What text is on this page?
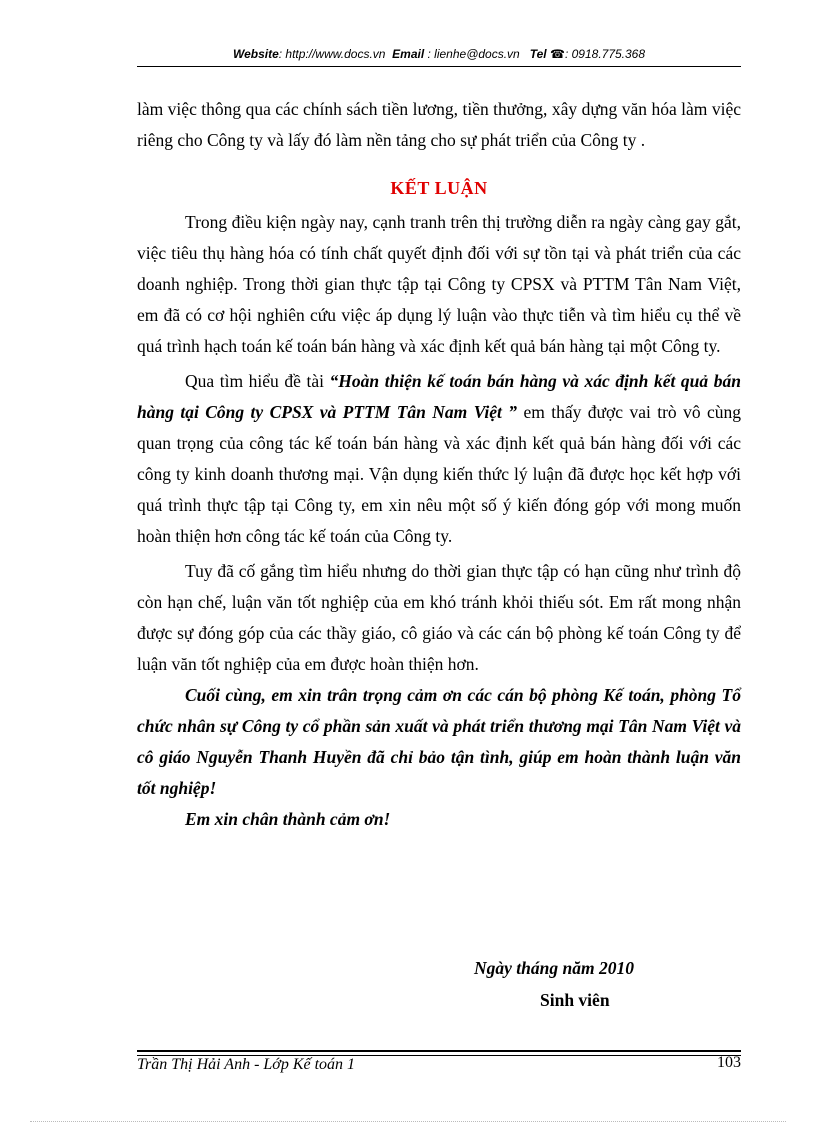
Website: http://www.docs.vn Email : lienhe@docs.vn Tel ☎: 0918.775.368

làm việc thông qua các chính sách tiền lương, tiền thưởng, xây dựng văn hóa làm việc riêng cho Công ty và lấy đó làm nền tảng cho sự phát triển của Công ty .

KẾT LUẬN

Trong điều kiện ngày nay, cạnh tranh trên thị trường diễn ra ngày càng gay gắt, việc tiêu thụ hàng hóa có tính chất quyết định đối với sự tồn tại và phát triển của các doanh nghiệp. Trong thời gian thực tập tại Công ty CPSX và PTTM Tân Nam Việt, em đã có cơ hội nghiên cứu việc áp dụng lý luận vào thực tiễn và tìm hiểu cụ thể về quá trình hạch toán kế toán bán hàng và xác định kết quả bán hàng tại một Công ty.

Qua tìm hiểu đề tài “Hoàn thiện kế toán bán hàng và xác định kết quả bán hàng tại Công ty CPSX và PTTM Tân Nam Việt ” em thấy được vai trò vô cùng quan trọng của công tác kế toán bán hàng và xác định kết quả bán hàng đối với các công ty kinh doanh thương mại. Vận dụng kiến thức lý luận đã được học kết hợp với quá trình thực tập tại Công ty, em xin nêu một số ý kiến đóng góp với mong muốn hoàn thiện hơn công tác kế toán của Công ty.

Tuy đã cố gắng tìm hiểu nhưng do thời gian thực tập có hạn cũng như trình độ còn hạn chế, luận văn tốt nghiệp của em khó tránh khỏi thiếu sót. Em rất mong nhận được sự đóng góp của các thầy giáo, cô giáo và các cán bộ phòng kế toán Công ty để luận văn tốt nghiệp của em được hoàn thiện hơn.

Cuối cùng, em xin trân trọng cảm ơn các cán bộ phòng Kế toán, phòng Tổ chức nhân sự Công ty cổ phần sản xuất và phát triển thương mại Tân Nam Việt và cô giáo Nguyễn Thanh Huyền đã chỉ bảo tận tình, giúp em hoàn thành luận văn tốt nghiệp!

Em xin chân thành cảm ơn!

Ngày tháng năm 2010
Sinh viên
Trần Thị Hải Anh - Lớp Kế toán 1	103
